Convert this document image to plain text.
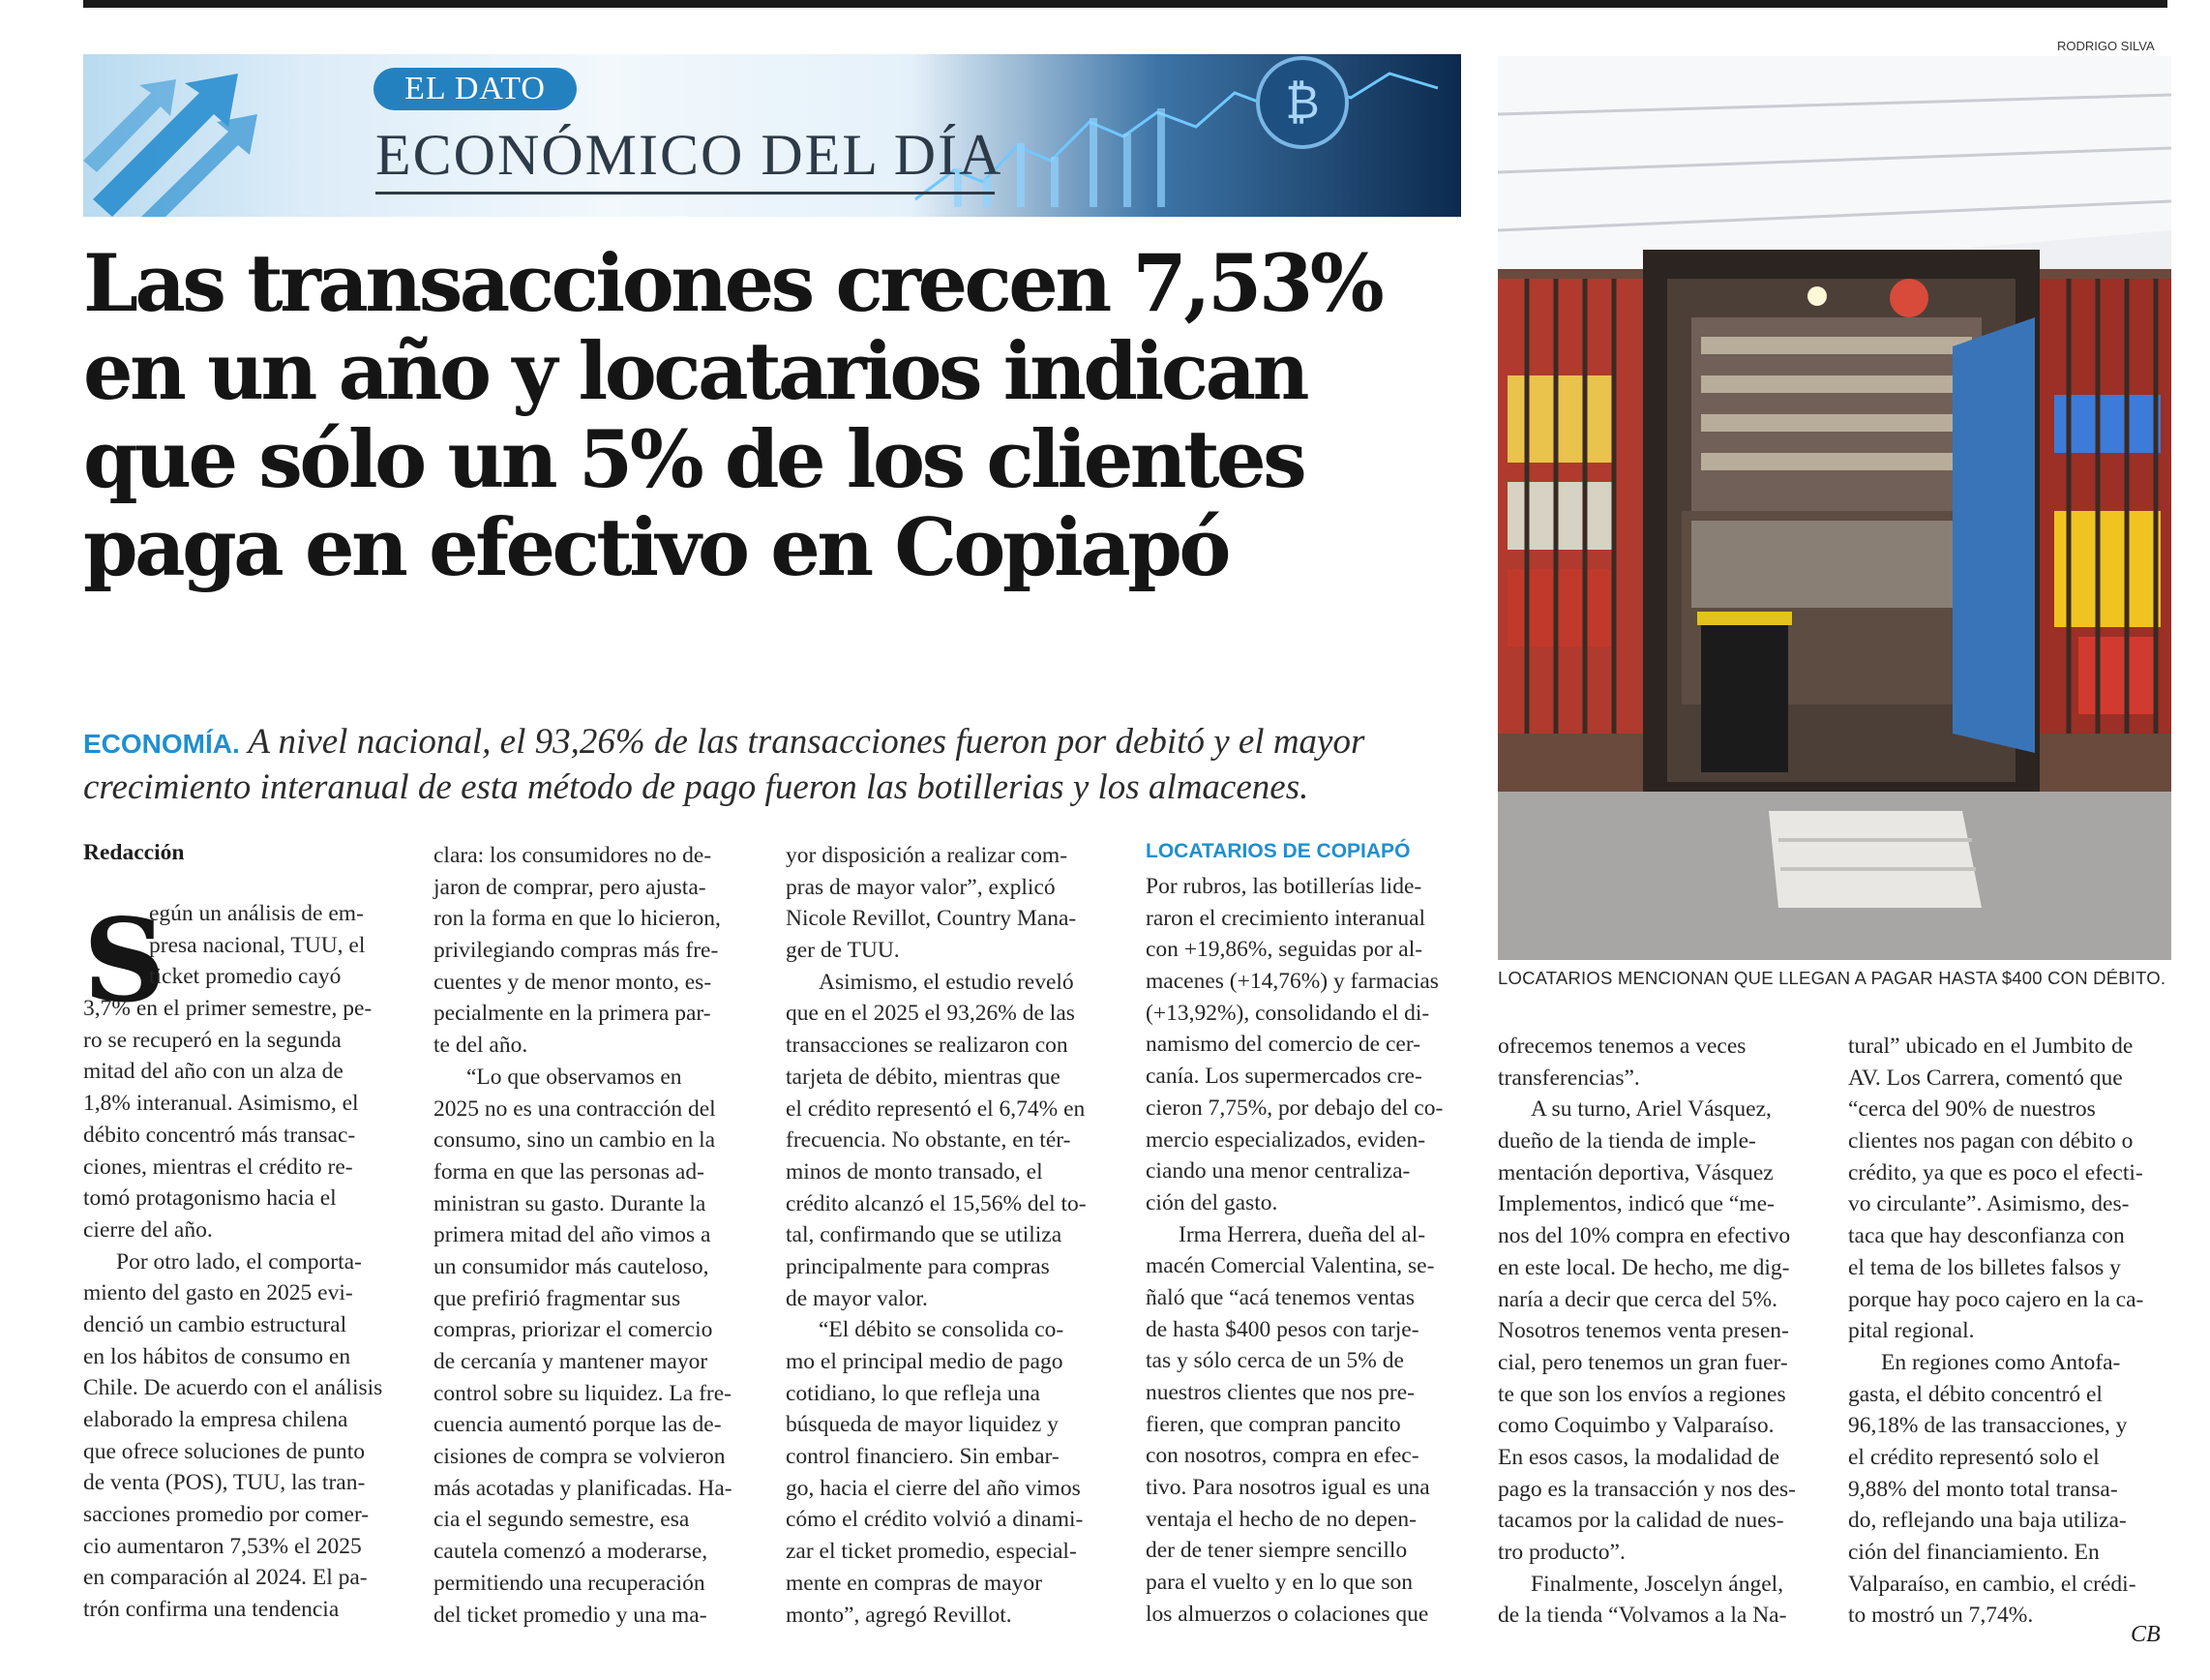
₿
EL DATO
ECONÓMICO DEL DÍA
Las transacciones crecen 7,53%
en un año y locatarios indican
que sólo un 5% de los clientes
paga en efectivo en Copiapó
ECONOMÍA. A nivel nacional, el 93,26% de las transacciones fueron por debitó y el mayor
crecimiento interanual de esta método de pago fueron las botillerias y los almacenes.
RODRIGO SILVA
LOCATARIOS MENCIONAN QUE LLEGAN A PAGAR HASTA $400 CON DÉBITO.
Redacción
S
egún un análisis de em-
presa nacional, TUU, el
ticket promedio cayó
3,7% en el primer semestre, pe-
ro se recuperó en la segunda
mitad del año con un alza de
1,8% interanual. Asimismo, el
débito concentró más transac-
ciones, mientras el crédito re-
tomó protagonismo hacia el
cierre del año.
Por otro lado, el comporta-
miento del gasto en 2025 evi-
denció un cambio estructural
en los hábitos de consumo en
Chile. De acuerdo con el análisis
elaborado la empresa chilena
que ofrece soluciones de punto
de venta (POS), TUU, las tran-
sacciones promedio por comer-
cio aumentaron 7,53% el 2025
en comparación al 2024. El pa-
trón confirma una tendencia
clara: los consumidores no de-
jaron de comprar, pero ajusta-
ron la forma en que lo hicieron,
privilegiando compras más fre-
cuentes y de menor monto, es-
pecialmente en la primera par-
te del año.
“Lo que observamos en
2025 no es una contracción del
consumo, sino un cambio en la
forma en que las personas ad-
ministran su gasto. Durante la
primera mitad del año vimos a
un consumidor más cauteloso,
que prefirió fragmentar sus
compras, priorizar el comercio
de cercanía y mantener mayor
control sobre su liquidez. La fre-
cuencia aumentó porque las de-
cisiones de compra se volvieron
más acotadas y planificadas. Ha-
cia el segundo semestre, esa
cautela comenzó a moderarse,
permitiendo una recuperación
del ticket promedio y una ma-
yor disposición a realizar com-
pras de mayor valor”, explicó
Nicole Revillot, Country Mana-
ger de TUU.
Asimismo, el estudio reveló
que en el 2025 el 93,26% de las
transacciones se realizaron con
tarjeta de débito, mientras que
el crédito representó el 6,74% en
frecuencia. No obstante, en tér-
minos de monto transado, el
crédito alcanzó el 15,56% del to-
tal, confirmando que se utiliza
principalmente para compras
de mayor valor.
“El débito se consolida co-
mo el principal medio de pago
cotidiano, lo que refleja una
búsqueda de mayor liquidez y
control financiero. Sin embar-
go, hacia el cierre del año vimos
cómo el crédito volvió a dinami-
zar el ticket promedio, especial-
mente en compras de mayor
monto”, agregó Revillot.
LOCATARIOS DE COPIAPÓ
Por rubros, las botillerías lide-
raron el crecimiento interanual
con +19,86%, seguidas por al-
macenes (+14,76%) y farmacias
(+13,92%), consolidando el di-
namismo del comercio de cer-
canía. Los supermercados cre-
cieron 7,75%, por debajo del co-
mercio especializados, eviden-
ciando una menor centraliza-
ción del gasto.
Irma Herrera, dueña del al-
macén Comercial Valentina, se-
ñaló que “acá tenemos ventas
de hasta $400 pesos con tarje-
tas y sólo cerca de un 5% de
nuestros clientes que nos pre-
fieren, que compran pancito
con nosotros, compra en efec-
tivo. Para nosotros igual es una
ventaja el hecho de no depen-
der de tener siempre sencillo
para el vuelto y en lo que son
los almuerzos o colaciones que
ofrecemos tenemos a veces
transferencias”.
A su turno, Ariel Vásquez,
dueño de la tienda de imple-
mentación deportiva, Vásquez
Implementos, indicó que “me-
nos del 10% compra en efectivo
en este local. De hecho, me dig-
naría a decir que cerca del 5%.
Nosotros tenemos venta presen-
cial, pero tenemos un gran fuer-
te que son los envíos a regiones
como Coquimbo y Valparaíso.
En esos casos, la modalidad de
pago es la transacción y nos des-
tacamos por la calidad de nues-
tro producto”.
Finalmente, Joscelyn ángel,
de la tienda “Volvamos a la Na-
tural” ubicado en el Jumbito de
AV. Los Carrera, comentó que
“cerca del 90% de nuestros
clientes nos pagan con débito o
crédito, ya que es poco el efecti-
vo circulante”. Asimismo, des-
taca que hay desconfianza con
el tema de los billetes falsos y
porque hay poco cajero en la ca-
pital regional.
En regiones como Antofa-
gasta, el débito concentró el
96,18% de las transacciones, y
el crédito representó solo el
9,88% del monto total transa-
do, reflejando una baja utiliza-
ción del financiamiento. En
Valparaíso, en cambio, el crédi-
to mostró un 7,74%.
CB
